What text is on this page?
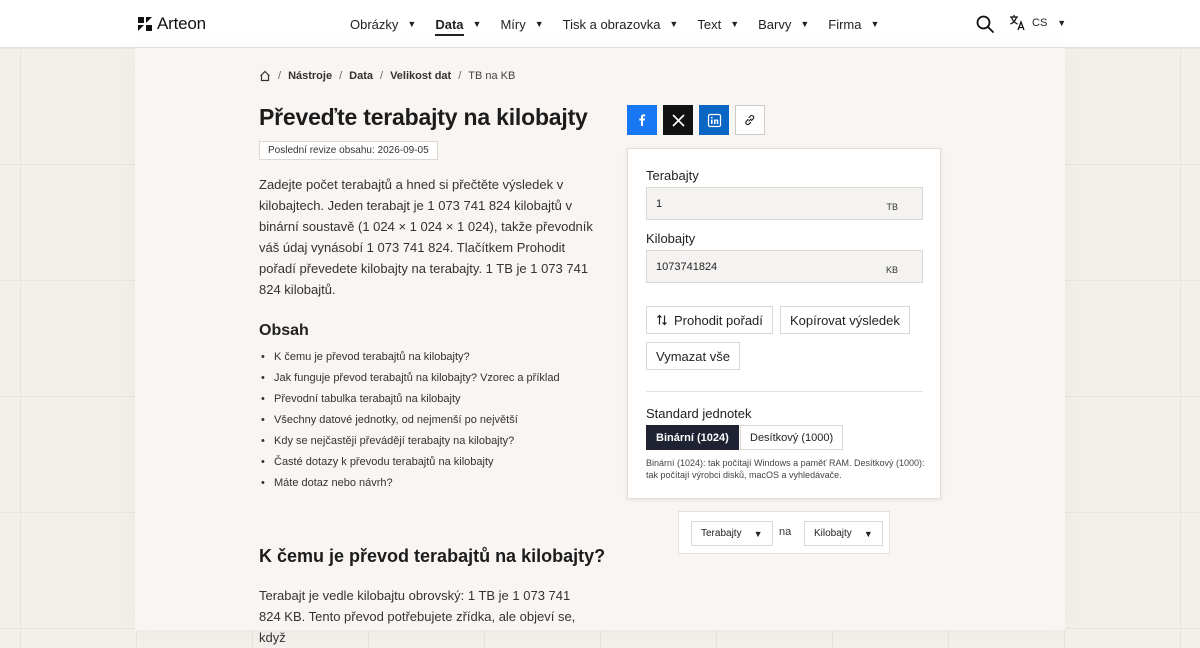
Arteon	Obrázky ▼ Data ▼ Míry ▼ Tisk a obrazovka ▼ Text ▼ Barvy ▼ Firma ▼	CS ▼
/ Nástroje / Data / Velikost dat / TB na KB
Převeďte terabajty na kilobajty
Poslední revize obsahu: 2026-09-05

Zadejte počet terabajtů a hned si přečtěte výsledek v kilobajtech. Jeden terabajt je 1 073 741 824 kilobajtů v binární soustavě (1 024 × 1 024 × 1 024), takže převodník váš údaj vynásobí 1 073 741 824. Tlačítkem Prohodit pořadí převedete kilobajty na terabajty. 1 TB je 1 073 741 824 kilobajtů.

Obsah
• K čemu je převod terabajtů na kilobajty?
• Jak funguje převod terabajtů na kilobajty? Vzorec a příklad
• Převodní tabulka terabajtů na kilobajty
• Všechny datové jednotky, od nejmenší po největší
• Kdy se nejčastěji převádějí terabajty na kilobajty?
• Časté dotazy k převodu terabajtů na kilobajty
• Máte dotaz nebo návrh?
K čemu je převod terabajtů na kilobajty?

Terabajt je vedle kilobajtu obrovský: 1 TB je 1 073 741 824 KB. Tento převod potřebujete zřídka, ale objeví se, když

Terabajty
1	TB
Kilobajty
1073741824	KB
Prohodit pořadí	Kopírovat výsledek
Vymazat vše
Standard jednotek
Binární (1024)	Desítkový (1000)

Binární (1024): tak počítají Windows a paměť RAM. Desítkový (1000): tak počítají výrobci disků, macOS a vyhledávače.

Terabajty ▼ na Kilobajty ▼
